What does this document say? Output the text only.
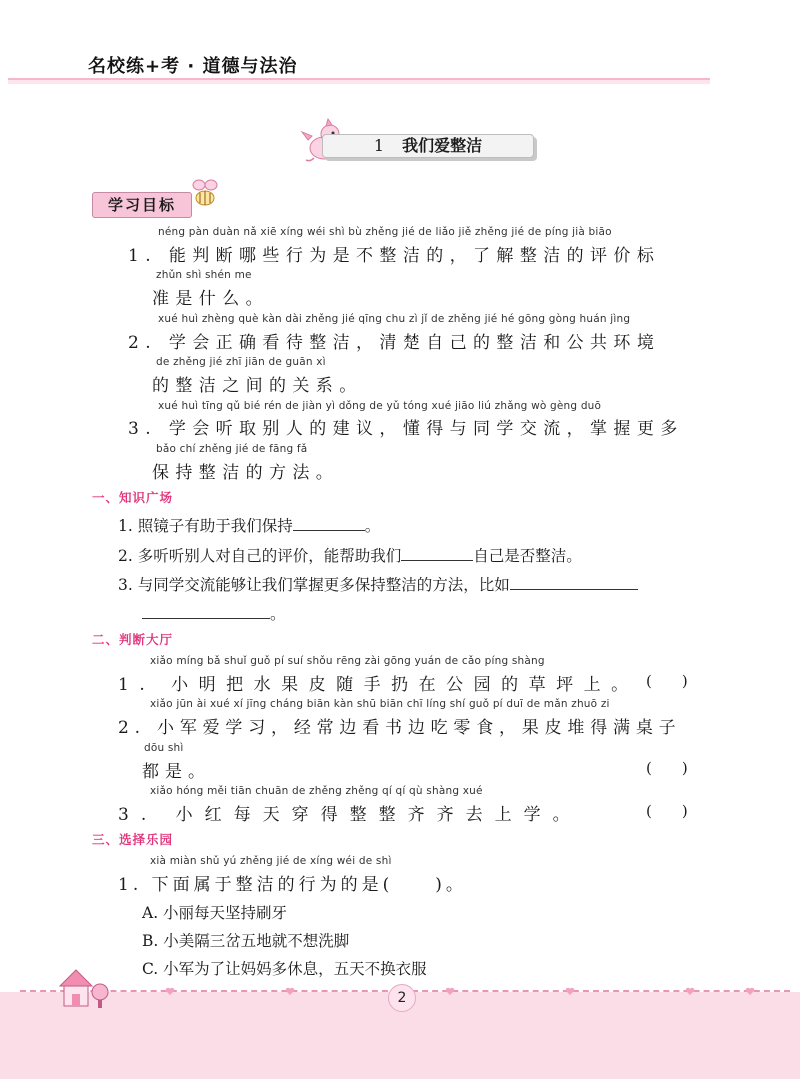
名校练+考 · 道德与法治
1 我们爱整洁
学习目标
néng pàn duàn nǎ xiē xíng wéi shì bù zhěng jié de liǎo jiě zhěng jié de píng jià biāo
1. 能判断哪些行为是不整洁的，了解整洁的评价标
zhǔn shì shén me
准是什么。
xué huì zhèng què kàn dài zhěng jié qīng chu zì jǐ de zhěng jié hé gōng gòng huán jìng
2. 学会正确看待整洁，清楚自己的整洁和公共环境
de zhěng jié zhī jiān de guān xì
的整洁之间的关系。
xué huì tīng qǔ bié rén de jiàn yì dǒng de yǔ tóng xué jiāo liú zhǎng wò gèng duō
3. 学会听取别人的建议，懂得与同学交流，掌握更多
bǎo chí zhěng jié de fāng fǎ
保持整洁的方法。
一、知识广场
1. 照镜子有助于我们保持	。
2. 多听听别人对自己的评价，能帮助我们	自己是否整洁。
3. 与同学交流能够让我们掌握更多保持整洁的方法，比如
。
二、判断大厅
xiǎo míng bǎ shuǐ guǒ pí suí shǒu rēng zài gōng yuán de cǎo píng shàng
1. 小明把水果皮随手扔在公园的草坪上。 (　　)
xiǎo jūn ài xué xí jīng cháng biān kàn shū biān chī líng shí guǒ pí duī de mǎn zhuō zi
2. 小军爱学习，经常边看书边吃零食，果皮堆得满桌子
dōu shì
都是。	(　　)
xiǎo hóng měi tiān chuān de zhěng zhěng qí qí qù shàng xué
3. 小红每天穿得整整齐齐去上学。	(　　)
三、选择乐园
xià miàn shǔ yú zhěng jié de xíng wéi de shì
1. 下面属于整洁的行为的是(　　)。
A. 小丽每天坚持刷牙
B. 小美隔三岔五地就不想洗脚
C. 小军为了让妈妈多休息，五天不换衣服
2
